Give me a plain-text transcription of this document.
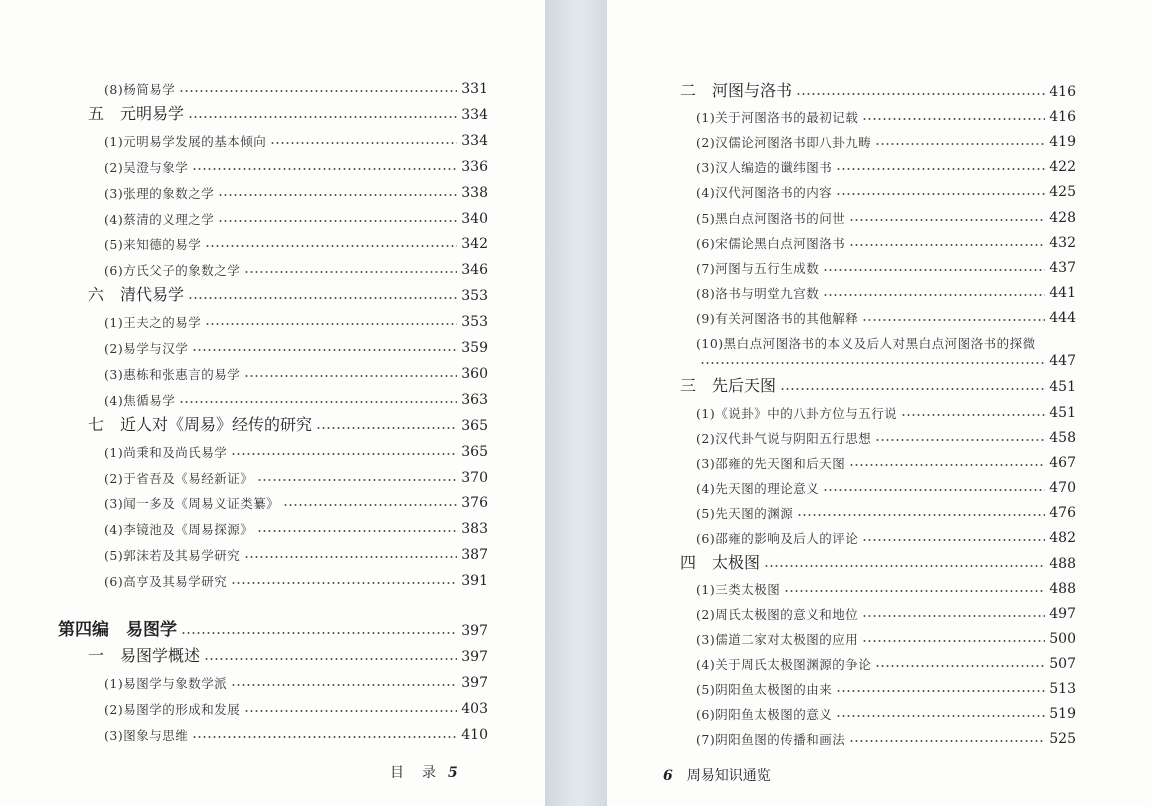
(8)杨简易学	331
五　元明易学	334
(1)元明易学发展的基本倾向	334
(2)吴澄与象学	336
(3)张理的象数之学	338
(4)蔡清的义理之学	340
(5)来知德的易学	342
(6)方氏父子的象数之学	346
六　清代易学	353
(1)王夫之的易学	353
(2)易学与汉学	359
(3)惠栋和张惠言的易学	360
(4)焦循易学	363
七　近人对《周易》经传的研究	365
(1)尚秉和及尚氏易学	365
(2)于省吾及《易经新证》	370
(3)闻一多及《周易义证类纂》	376
(4)李镜池及《周易探源》	383
(5)郭沫若及其易学研究	387
(6)高亨及其易学研究	391
第四编　易图学	397
一　易图学概述	397
(1)易图学与象数学派	397
(2)易图学的形成和发展	403
(3)图象与思维	410
二　河图与洛书	416
(1)关于河图洛书的最初记载	416
(2)汉儒论河图洛书即八卦九畴	419
(3)汉人编造的谶纬图书	422
(4)汉代河图洛书的内容	425
(5)黑白点河图洛书的问世	428
(6)宋儒论黑白点河图洛书	432
(7)河图与五行生成数	437
(8)洛书与明堂九宫数	441
(9)有关河图洛书的其他解释	444
(10)黑白点河图洛书的本义及后人对黑白点河图洛书的探微
447
三　先后天图	451
(1)《说卦》中的八卦方位与五行说	451
(2)汉代卦气说与阴阳五行思想	458
(3)邵雍的先天图和后天图	467
(4)先天图的理论意义	470
(5)先天图的渊源	476
(6)邵雍的影响及后人的评论	482
四　太极图	488
(1)三类太极图	488
(2)周氏太极图的意义和地位	497
(3)儒道二家对太极图的应用	500
(4)关于周氏太极图渊源的争论	507
(5)阴阳鱼太极图的由来	513
(6)阴阳鱼太极图的意义	519
(7)阴阳鱼图的传播和画法	525
目 录 5	6 周易知识通览
